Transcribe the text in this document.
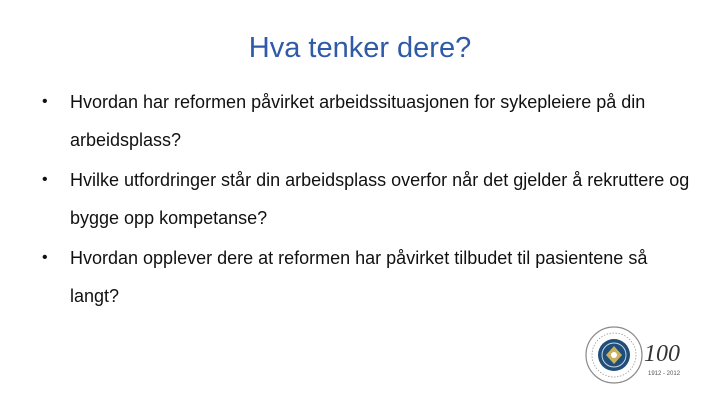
Hva tenker dere?
• Hvordan har reformen påvirket arbeidssituasjonen for sykepleiere på din arbeidsplass?
• Hvilke utfordringer står din arbeidsplass overfor når det gjelder å rekruttere og bygge opp kompetanse?
• Hvordan opplever dere at reformen har påvirket tilbudet til pasientene så langt?
100
1912 - 2012
